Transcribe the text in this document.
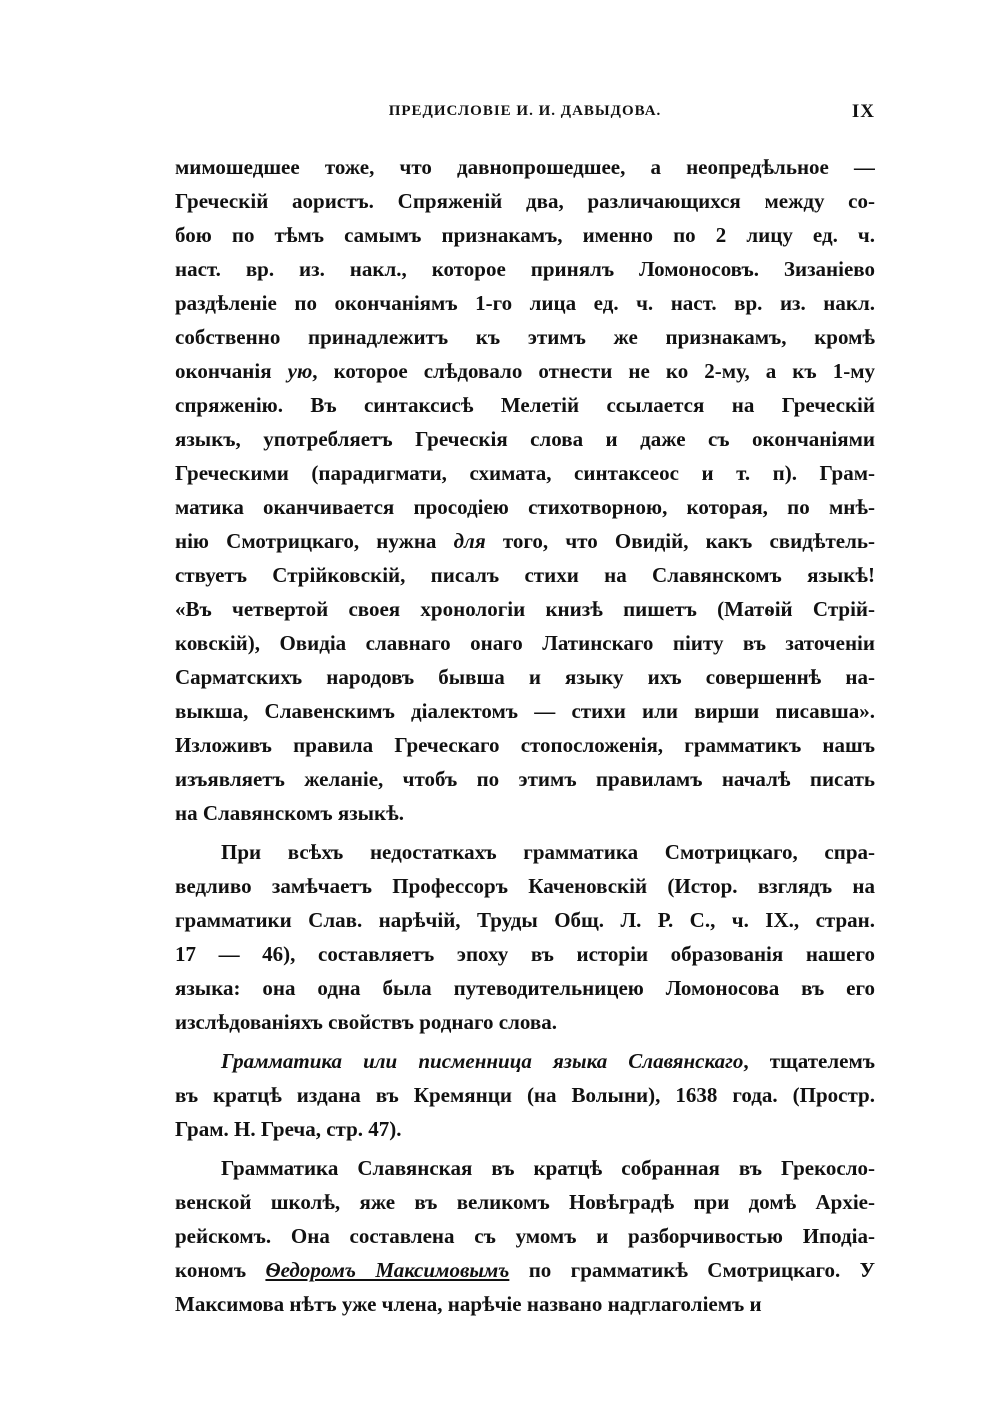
ПРЕДИСЛОВІЕ И. И. ДАВЫДОВА.	IX
мимошедшее тоже, что давнопрошедшее, а неопредѣльное —
Греческій аористъ. Спряженій два, различающихся между со-
бою по тѣмъ самымъ признакамъ, именно по 2 лицу ед. ч.
наст. вр. из. накл., которое принялъ Ломоносовъ. Зизаніево
раздѣленіе по окончаніямъ 1-го лица ед. ч. наст. вр. из. накл.
собственно принадлежитъ къ этимъ же признакамъ, кромѣ
окончанія ую, которое слѣдовало отнести не ко 2-му, а къ 1-му
спряженію. Въ синтаксисѣ Мелетій ссылается на Греческій
языкъ, употребляетъ Греческія слова и даже съ окончаніями
Греческими (парадигмати, схимата, синтаксеос и т. п). Грам-
матика оканчивается просодіею стихотворною, которая, по мнѣ-
нію Смотрицкаго, нужна для того, что Овидій, какъ свидѣтель-
ствуетъ Стрійковскій, писалъ стихи на Славянскомъ языкѣ!
«Въ четвертой своея хронологіи книзѣ пишетъ (Матѳій Стрій-
ковскій), Овидіа славнаго онаго Латинскаго піиту въ заточеніи
Сарматскихъ народовъ бывша и языку ихъ совершеннѣ на-
выкша, Славенскимъ діалектомъ — стихи или вирши писавша».
Изложивъ правила Греческаго стопосложенія, грамматикъ нашъ
изъявляетъ желаніе, чтобъ по этимъ правиламъ началѣ писать
на Славянскомъ языкѣ.
При всѣхъ недостаткахъ грамматика Смотрицкаго, спра-
ведливо замѣчаетъ Профессоръ Каченовскій (Истор. взглядъ на
грамматики Слав. нарѣчій, Труды Общ. Л. Р. С., ч. IX., стран.
17 — 46), составляетъ эпоху въ исторіи образованія нашего
языка: она одна была путеводительницею Ломоносова въ его
изслѣдованіяхъ свойствъ роднаго слова.
Грамматика или писменница языка Славянскаго, тщателемъ
въ кратцѣ издана въ Кремянци (на Волыни), 1638 года. (Простр.
Грам. Н. Греча, стр. 47).
Грамматика Славянская въ кратцѣ собранная въ Грекосло-
венской школѣ, яже въ великомъ Новѣградѣ при домѣ Архіе-
рейскомъ. Она составлена съ умомъ и разборчивостью Иподіа-
кономъ Ѳедоромъ Максимовымъ по грамматикѣ Смотрицкаго. У
Максимова нѣтъ уже члена, нарѣчіе названо надглаголіемъ и
